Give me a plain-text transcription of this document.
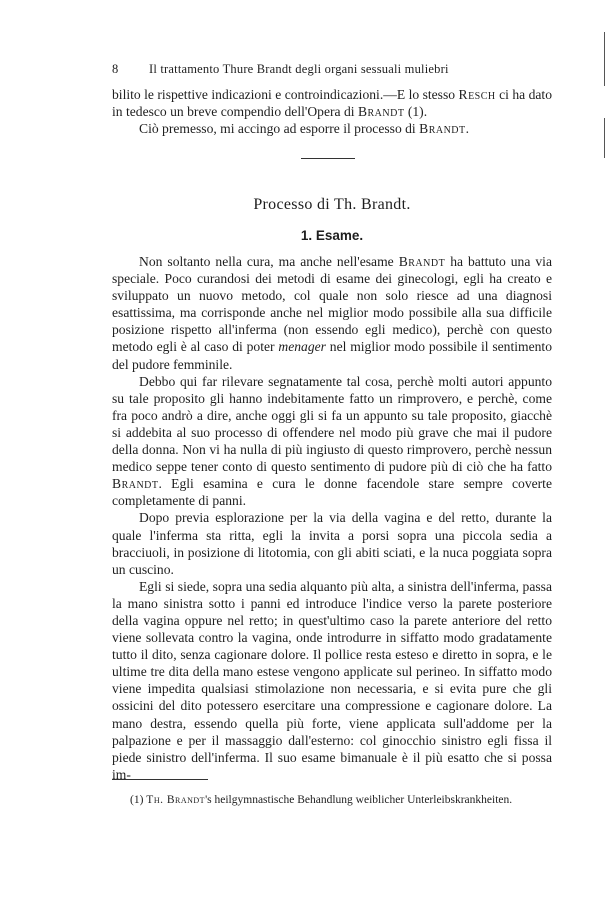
8 Il trattamento Thure Brandt degli organi sessuali muliebri

bilito le rispettive indicazioni e controindicazioni.—E lo stesso Resch ci ha dato in tedesco un breve compendio dell'Opera di Brandt (1).

Ciò premesso, mi accingo ad esporre il processo di Brandt.

Processo di Th. Brandt.
1. Esame.

Non soltanto nella cura, ma anche nell'esame Brandt ha battuto una via speciale. Poco curandosi dei metodi di esame dei ginecologi, egli ha creato e sviluppato un nuovo metodo, col quale non solo riesce ad una diagnosi esattissima, ma corrisponde anche nel miglior modo possibile alla sua difficile posizione rispetto all'inferma (non essendo egli medico), perchè con questo metodo egli è al caso di poter menager nel miglior modo possibile il sentimento del pudore femminile.

Debbo qui far rilevare segnatamente tal cosa, perchè molti autori appunto su tale proposito gli hanno indebitamente fatto un rimprovero, e perchè, come fra poco andrò a dire, anche oggi gli si fa un appunto su tale proposito, giacchè si addebita al suo processo di offendere nel modo più grave che mai il pudore della donna. Non vi ha nulla di più ingiusto di questo rimprovero, perchè nessun medico seppe tener conto di questo sentimento di pudore più di ciò che ha fatto Brandt. Egli esamina e cura le donne facendole stare sempre coverte completamente di panni.

Dopo previa esplorazione per la via della vagina e del retto, durante la quale l'inferma sta ritta, egli la invita a porsi sopra una piccola sedia a bracciuoli, in posizione di litotomia, con gli abiti sciati, e la nuca poggiata sopra un cuscino.

Egli si siede, sopra una sedia alquanto più alta, a sinistra dell'inferma, passa la mano sinistra sotto i panni ed introduce l'indice verso la parete posteriore della vagina oppure nel retto; in quest'ultimo caso la parete anteriore del retto viene sollevata contro la vagina, onde introdurre in siffatto modo gradatamente tutto il dito, senza cagionare dolore. Il pollice resta esteso e diretto in sopra, e le ultime tre dita della mano estese vengono applicate sul perineo. In siffatto modo viene impedita qualsiasi stimolazione non necessaria, e si evita pure che gli ossicini del dito potessero esercitare una compressione e cagionare dolore. La mano destra, essendo quella più forte, viene applicata sull'addome per la palpazione e per il massaggio dall'esterno: col ginocchio sinistro egli fissa il piede sinistro dell'inferma. Il suo esame bimanuale è il più esatto che si possa im-

(1) Th. Brandt's heilgymnastische Behandlung weiblicher Unterleibskrankheiten.
